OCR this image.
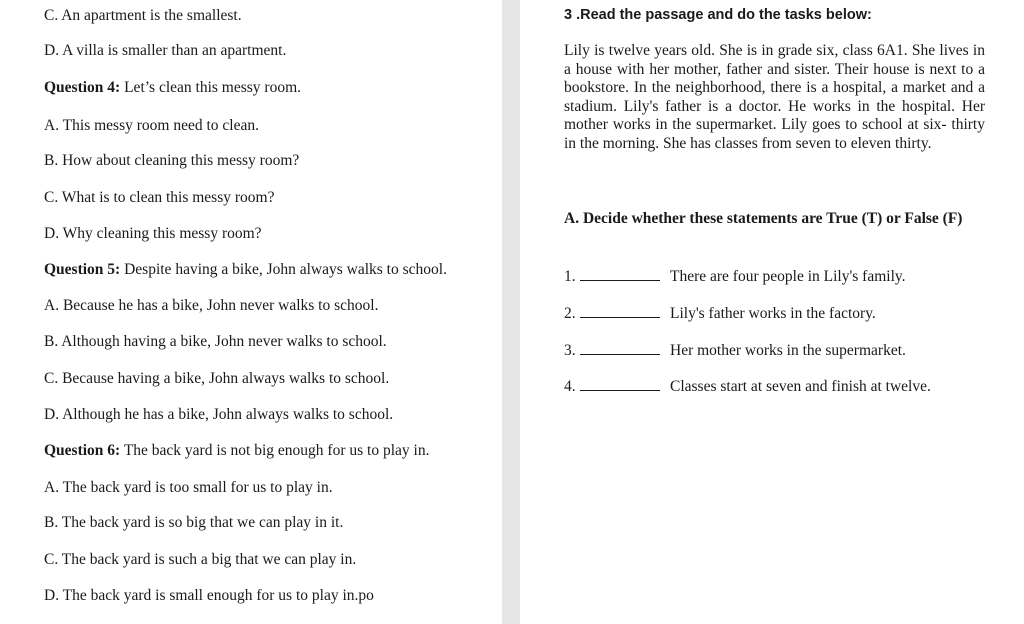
C. An apartment is the smallest.
D. A villa is smaller than an apartment.
Question 4: Let’s clean this messy room.
A. This messy room need to clean.
B. How about cleaning this messy room?
C. What is to clean this messy room?
D. Why cleaning this messy room?
Question 5: Despite having a bike, John always walks to school.
A. Because he has a bike, John never walks to school.
B. Although having a bike, John never walks to school.
C. Because having a bike, John always walks to school.
D. Although he has a bike, John always walks to school.
Question 6: The back yard is not big enough for us to play in.
A. The back yard is too small for us to play in.
B. The back yard is so big that we can play in it.
C. The back yard is such a big that we can play in.
D. The back yard is small enough for us to play in.po
3 .Read the passage and do the tasks below:
Lily is twelve years old. She is in grade six, class 6A1. She lives in a house with her mother, father and sister. Their house is next to a bookstore. In the neighborhood, there is a hospital, a market and a stadium. Lily's father is a doctor. He works in the hospital. Her mother works in the supermarket. Lily goes to school at six- thirty in the morning. She has classes from seven to eleven thirty.
A. Decide whether these statements are True (T) or False (F)
1.	There are four people in Lily's family.
2.	Lily's father works in the factory.
3.	Her mother works in the supermarket.
4.	Classes start at seven and finish at twelve.
